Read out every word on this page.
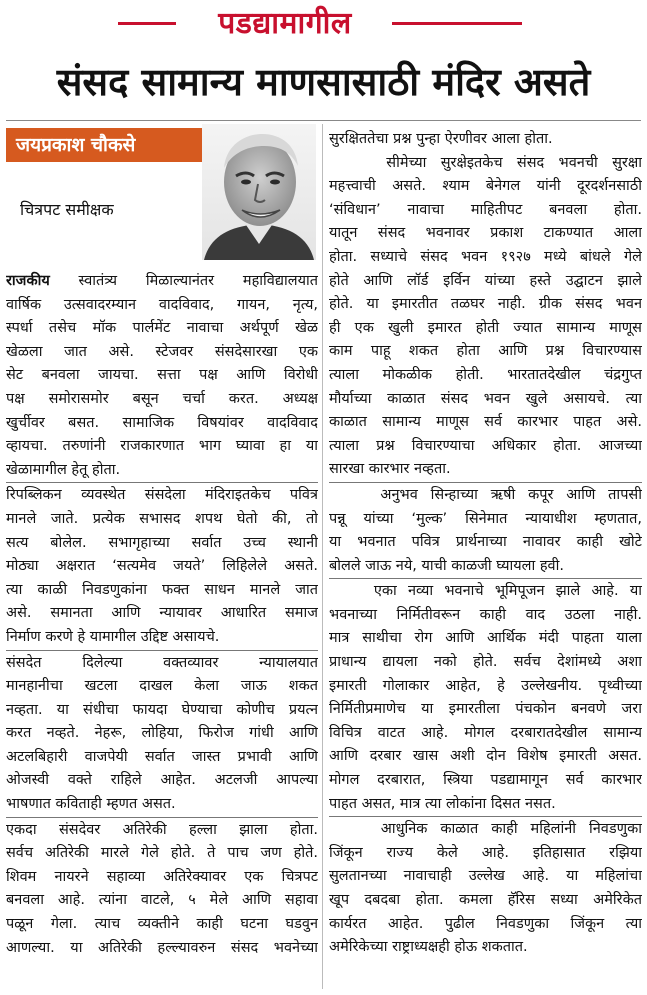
पडद्यामागील
संसद सामान्य माणसासाठी मंदिर असते
जयप्रकाश चौकसे
चित्रपट समीक्षक
राजकीय स्वातंत्र्य मिळाल्यानंतर महाविद्यालयात
वार्षिक उत्सवादरम्यान वादविवाद, गायन, नृत्य,
स्पर्धा तसेच मॉक पार्लमेंट नावाचा अर्थपूर्ण खेळ
खेळला जात असे. स्टेजवर संसदेसारखा एक
सेट बनवला जायचा. सत्ता पक्ष आणि विरोधी
पक्ष समोरासमोर बसून चर्चा करत. अध्यक्ष
खुर्चीवर बसत. सामाजिक विषयांवर वादविवाद
व्हायचा. तरुणांनी राजकारणात भाग घ्यावा हा या
खेळामागील हेतू होता.
रिपब्लिकन व्यवस्थेत संसदेला मंदिराइतकेच पवित्र
मानले जाते. प्रत्येक सभासद शपथ घेतो की, तो
सत्य बोलेल. सभागृहाच्या सर्वात उच्च स्थानी
मोठ्या अक्षरात ‘सत्यमेव जयते’ लिहिलेले असते.
त्या काळी निवडणुकांना फक्त साधन मानले जात
असे. समानता आणि न्यायावर आधारित समाज
निर्माण करणे हे यामागील उद्दिष्ट असायचे.
संसदेत दिलेल्या वक्तव्यावर न्यायालयात
मानहानीचा खटला दाखल केला जाऊ शकत
नव्हता. या संधीचा फायदा घेण्याचा कोणीच प्रयत्न
करत नव्हते. नेहरू, लोहिया, फिरोज गांधी आणि
अटलबिहारी वाजपेयी सर्वात जास्त प्रभावी आणि
ओजस्वी वक्ते राहिले आहेत. अटलजी आपल्या
भाषणात कविताही म्हणत असत.
एकदा संसदेवर अतिरेकी हल्ला झाला होता.
सर्वच अतिरेकी मारले गेले होते. ते पाच जण होते.
शिवम नायरने सहाव्या अतिरेक्यावर एक चित्रपट
बनवला आहे. त्यांना वाटले, ५ मेले आणि सहावा
पळून गेला. त्याच व्यक्तीने काही घटना घडवुन
आणल्या. या अतिरेकी हल्ल्यावरुन संसद भवनेच्या
सुरक्षिततेचा प्रश्न पुन्हा ऐरणीवर आला होता.
सीमेच्या सुरक्षेइतकेच संसद भवनची सुरक्षा
महत्त्वाची असते. श्याम बेनेगल यांनी दूरदर्शनसाठी
‘संविधान’ नावाचा माहितीपट बनवला होता.
यातून संसद भवनावर प्रकाश टाकण्यात आला
होता. सध्याचे संसद भवन १९२७ मध्ये बांधले गेले
होते आणि लॉर्ड इर्विन यांच्या हस्ते उद्घाटन झाले
होते. या इमारतीत तळघर नाही. ग्रीक संसद भवन
ही एक खुली इमारत होती ज्यात सामान्य माणूस
काम पाहू शकत होता आणि प्रश्न विचारण्यास
त्याला मोकळीक होती. भारतातदेखील चंद्रगुप्त
मौर्याच्या काळात संसद भवन खुले असायचे. त्या
काळात सामान्य माणूस सर्व कारभार पाहत असे.
त्याला प्रश्न विचारण्याचा अधिकार होता. आजच्या
सारखा कारभार नव्हता.
अनुभव सिन्हाच्या ऋषी कपूर आणि तापसी
पन्नू यांच्या ‘मुल्क’ सिनेमात न्यायाधीश म्हणतात,
या भवनात पवित्र प्रार्थनाच्या नावावर काही खोटे
बोलले जाऊ नये, याची काळजी घ्यायला हवी.
एका नव्या भवनाचे भूमिपूजन झाले आहे. या
भवनाच्या निर्मितीवरून काही वाद उठला नाही.
मात्र साथीचा रोग आणि आर्थिक मंदी पाहता याला
प्राधान्य द्यायला नको होते. सर्वच देशांमध्ये अशा
इमारती गोलाकार आहेत, हे उल्लेखनीय. पृथ्वीच्या
निर्मितीप्रमाणेच या इमारतीला पंचकोन बनवणे जरा
विचित्र वाटत आहे. मोगल दरबारातदेखील सामान्य
आणि दरबार खास अशी दोन विशेष इमारती असत.
मोगल दरबारात, स्त्रिया पडद्यामागून सर्व कारभार
पाहत असत, मात्र त्या लोकांना दिसत नसत.
आधुनिक काळात काही महिलांनी निवडणुका
जिंकून राज्य केले आहे. इतिहासात रझिया
सुलतानच्या नावाचाही उल्लेख आहे. या महिलांचा
खूप दबदबा होता. कमला हॅरिस सध्या अमेरिकेत
कार्यरत आहेत. पुढील निवडणुका जिंकून त्या
अमेरिकेच्या राष्ट्राध्यक्षही होऊ शकतात.
